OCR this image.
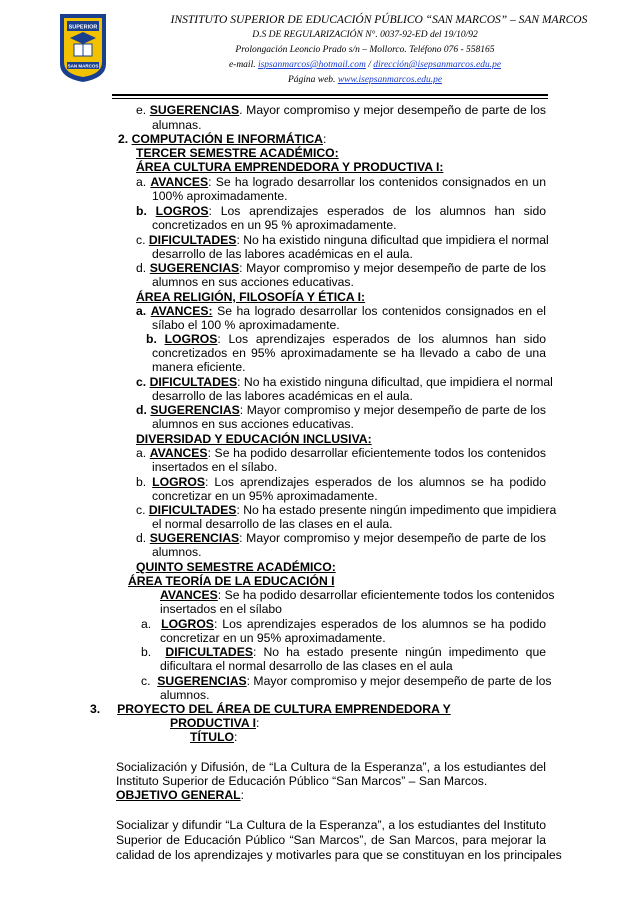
SUPERIOR
SAN MARCOS
INSTITUTO SUPERIOR DE EDUCACIÓN PÚBLICO “SAN MARCOS” – SAN MARCOS
D.S DE REGULARIZACIÓN N°. 0037-92-ED del 19/10/92
Prolongación Leoncio Prado s/n – Mollorco. Teléfono 076 - 558165
e-mail. ispsanmarcos@hotmail.com / dirección@isepsanmarcos.edu.pe
Página web. www.isepsanmarcos.edu.pe
e. SUGERENCIAS. Mayor compromiso y mejor desempeño de parte de los
alumnas.
2. COMPUTACIÓN E INFORMÁTICA:
TERCER SEMESTRE ACADÉMICO:
ÁREA CULTURA EMPRENDEDORA Y PRODUCTIVA I:
a. AVANCES: Se ha logrado desarrollar los contenidos consignados en un
100% aproximadamente.
b. LOGROS: Los aprendizajes esperados de los alumnos han sido
concretizados en un 95 % aproximadamente.
c. DIFICULTADES: No ha existido ninguna dificultad que impidiera el normal
desarrollo de las labores académicas en el aula.
d. SUGERENCIAS: Mayor compromiso y mejor desempeño de parte de los
alumnos en sus acciones educativas.
ÁREA RELIGIÓN, FILOSOFÍA Y ÉTICA I:
a. AVANCES: Se ha logrado desarrollar los contenidos consignados en el
sílabo el 100 % aproximadamente.
b. LOGROS: Los aprendizajes esperados de los alumnos han sido
concretizados en 95% aproximadamente se ha llevado a cabo de una
manera eficiente.
c. DIFICULTADES: No ha existido ninguna dificultad, que impidiera el normal
desarrollo de las labores académicas en el aula.
d. SUGERENCIAS: Mayor compromiso y mejor desempeño de parte de los
alumnos en sus acciones educativas.
DIVERSIDAD Y EDUCACIÓN INCLUSIVA:
a. AVANCES: Se ha podido desarrollar eficientemente todos los contenidos
insertados en el sílabo.
b. LOGROS: Los aprendizajes esperados de los alumnos se ha podido
concretizar en un 95% aproximadamente.
c. DIFICULTADES: No ha estado presente ningún impedimento que impidiera
el normal desarrollo de las clases en el aula.
d. SUGERENCIAS: Mayor compromiso y mejor desempeño de parte de los
alumnos.
QUINTO SEMESTRE ACADÉMICO:
ÁREA TEORÍA DE LA EDUCACIÓN I
AVANCES: Se ha podido desarrollar eficientemente todos los contenidos
insertados en el sílabo
a. LOGROS: Los aprendizajes esperados de los alumnos se ha podido
concretizar en un 95% aproximadamente.
b. DIFICULTADES: No ha estado presente ningún impedimento que
dificultara el normal desarrollo de las clases en el aula
c. SUGERENCIAS: Mayor compromiso y mejor desempeño de parte de los
alumnos.
3. PROYECTO DEL ÁREA DE CULTURA EMPRENDEDORA Y
PRODUCTIVA I:
TÍTULO:
Socialización y Difusión, de “La Cultura de la Esperanza”, a los estudiantes del
Instituto Superior de Educación Público “San Marcos” – San Marcos.
OBJETIVO GENERAL:
Socializar y difundir “La Cultura de la Esperanza”, a los estudiantes del Instituto
Superior de Educación Público “San Marcos”, de San Marcos, para mejorar la
calidad de los aprendizajes y motivarles para que se constituyan en los principales
